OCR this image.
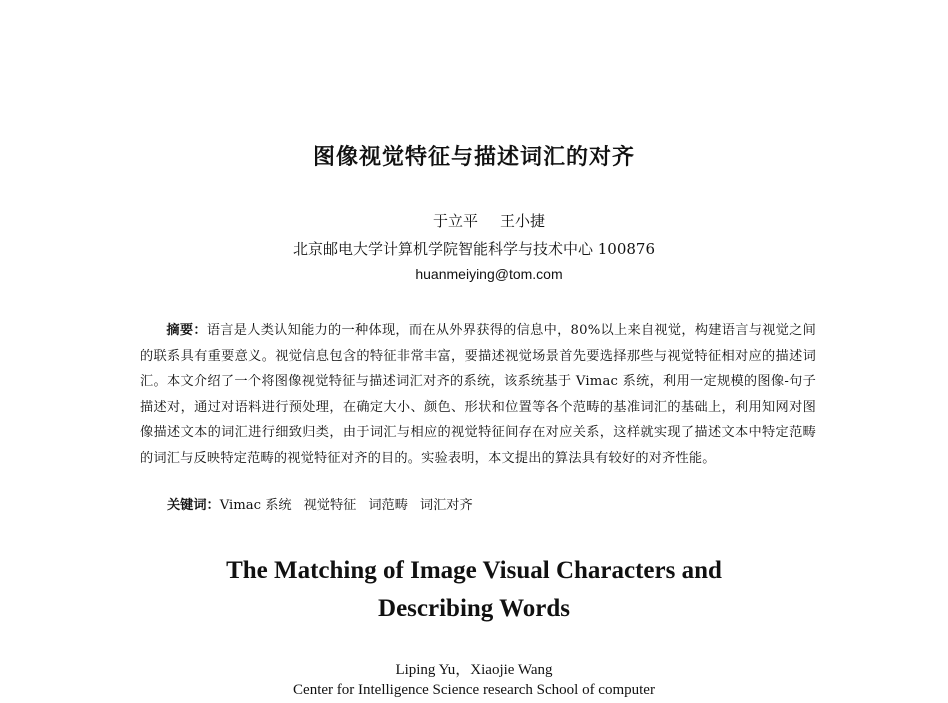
图像视觉特征与描述词汇的对齐
于立平 王小捷
北京邮电大学计算机学院智能科学与技术中心 100876
huanmeiying@tom.com
摘要：语言是人类认知能力的一种体现，而在从外界获得的信息中，80%以上来自视觉，构建语言与视觉之间的联系具有重要意义。视觉信息包含的特征非常丰富，要描述视觉场景首先要选择那些与视觉特征相对应的描述词汇。本文介绍了一个将图像视觉特征与描述词汇对齐的系统，该系统基于 Vimac 系统，利用一定规模的图像-句子描述对，通过对语料进行预处理，在确定大小、颜色、形状和位置等各个范畴的基准词汇的基础上，利用知网对图像描述文本的词汇进行细致归类，由于词汇与相应的视觉特征间存在对应关系，这样就实现了描述文本中特定范畴的词汇与反映特定范畴的视觉特征对齐的目的。实验表明，本文提出的算法具有较好的对齐性能。
关键词：Vimac 系统 视觉特征 词范畴 词汇对齐
The Matching of Image Visual Characters and
Describing Words
Liping Yu，Xiaojie Wang
Center for Intelligence Science research School of computer
